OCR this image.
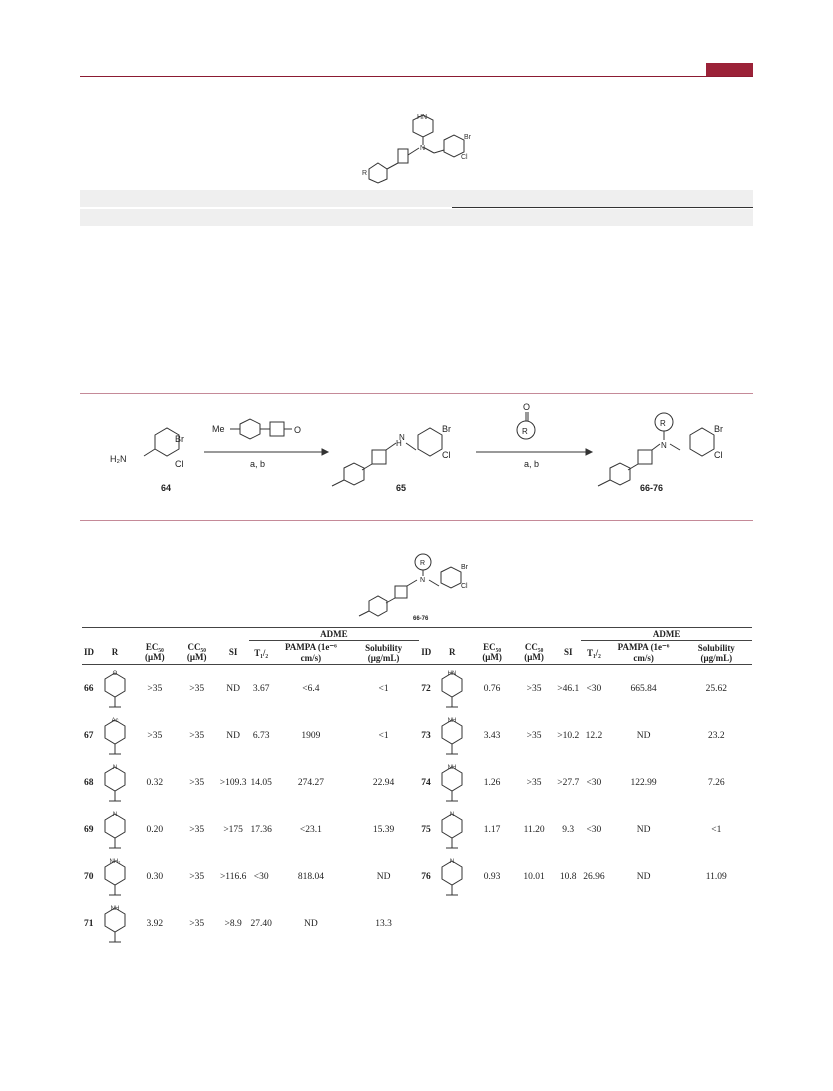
HN
N
Br
Cl
R
H₂N
Br
Cl
64
Me	O
a, b
H
N
Br
Cl
65
O
R
a, b
R
N
Br
Cl
66-76
R
N
Br
Cl
66-76
					ADME								ADME		
ID	R	EC₅₀ (μM)	CC₅₀ (μM)	SI	T₁/₂	PAMPA (1e⁻⁶ cm/s)	Solubility (μg/mL)	ID	R	EC₅₀ (μM)	CC₅₀ (μM)	SI	T₁/₂	PAMPA (1e⁻⁶ cm/s)	Solubility (μg/mL)
66	O	>35	>35	ND	3.67	<6.4	<1	72	HN	0.76	>35	>46.1	<30	665.84	25.62
67	Ac	>35	>35	ND	6.73	1909	<1	73	NH	3.43	>35	>10.2	12.2	ND	23.2
68	N	0.32	>35	>109.3	14.05	274.27	22.94	74	NH	1.26	>35	>27.7	<30	122.99	7.26
69	N	0.20	>35	>175	17.36	<23.1	15.39	75	N	1.17	11.20	9.3	<30	ND	<1
70	NH₂	0.30	>35	>116.6	<30	818.04	ND	76	N	0.93	10.01	10.8	26.96	ND	11.09
71	NH	3.92	>35	>8.9	27.40	ND	13.3								
